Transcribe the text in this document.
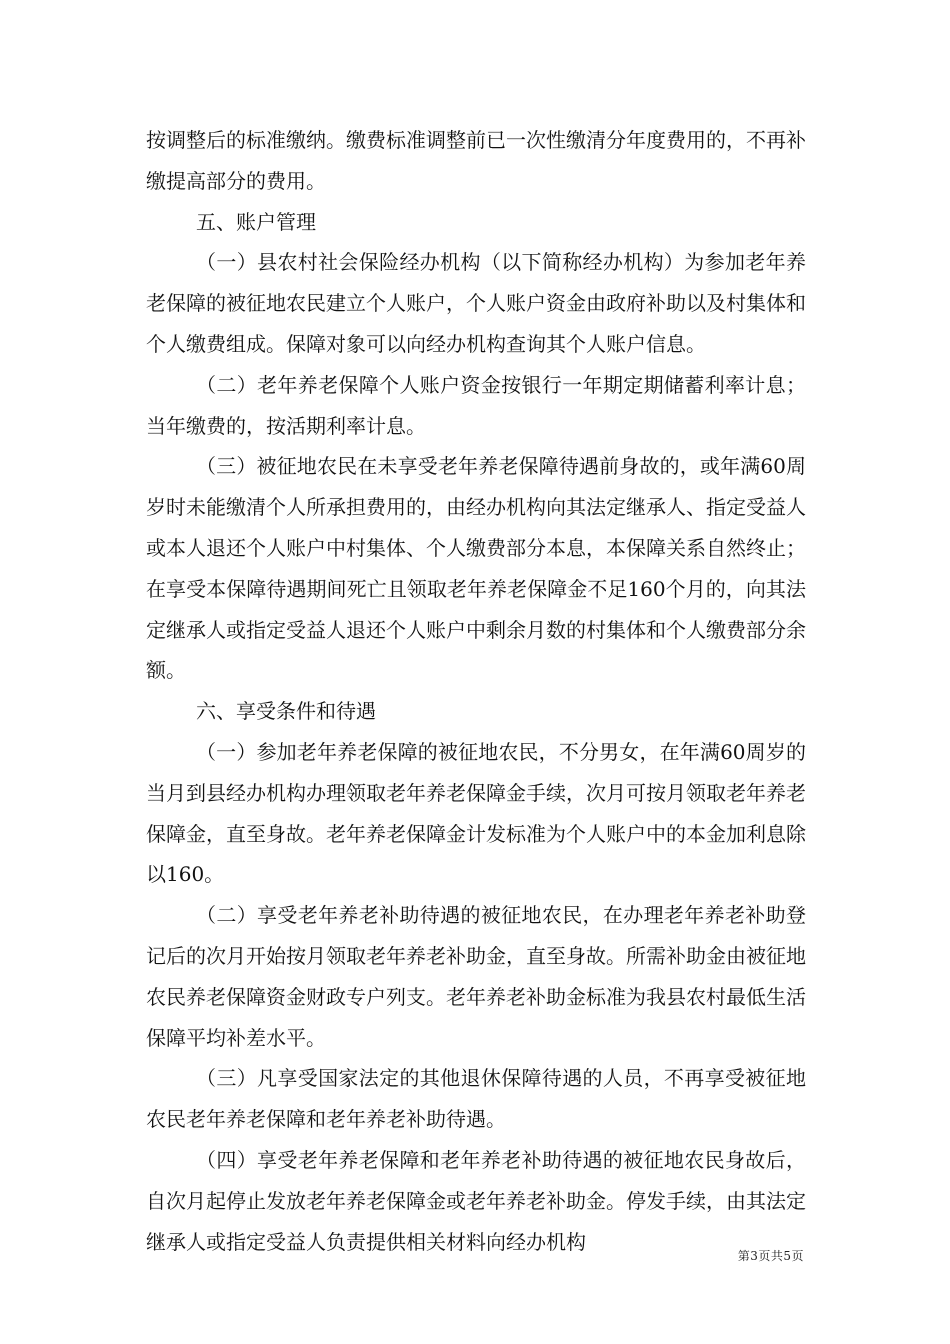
按调整后的标准缴纳。缴费标准调整前已一次性缴清分年度费用的，不再补缴提高部分的费用。

五、账户管理

（一）县农村社会保险经办机构（以下简称经办机构）为参加老年养老保障的被征地农民建立个人账户，个人账户资金由政府补助以及村集体和个人缴费组成。保障对象可以向经办机构查询其个人账户信息。

（二）老年养老保障个人账户资金按银行一年期定期储蓄利率计息；当年缴费的，按活期利率计息。

（三）被征地农民在未享受老年养老保障待遇前身故的，或年满60周岁时未能缴清个人所承担费用的，由经办机构向其法定继承人、指定受益人或本人退还个人账户中村集体、个人缴费部分本息，本保障关系自然终止；在享受本保障待遇期间死亡且领取老年养老保障金不足160个月的，向其法定继承人或指定受益人退还个人账户中剩余月数的村集体和个人缴费部分余额。

六、享受条件和待遇

（一）参加老年养老保障的被征地农民，不分男女，在年满60周岁的当月到县经办机构办理领取老年养老保障金手续，次月可按月领取老年养老保障金，直至身故。老年养老保障金计发标准为个人账户中的本金加利息除以160。

（二）享受老年养老补助待遇的被征地农民，在办理老年养老补助登记后的次月开始按月领取老年养老补助金，直至身故。所需补助金由被征地农民养老保障资金财政专户列支。老年养老补助金标准为我县农村最低生活保障平均补差水平。

（三）凡享受国家法定的其他退休保障待遇的人员，不再享受被征地农民老年养老保障和老年养老补助待遇。

（四）享受老年养老保障和老年养老补助待遇的被征地农民身故后，自次月起停止发放老年养老保障金或老年养老补助金。停发手续，由其法定继承人或指定受益人负责提供相关材料向经办机构

第3页共5页
